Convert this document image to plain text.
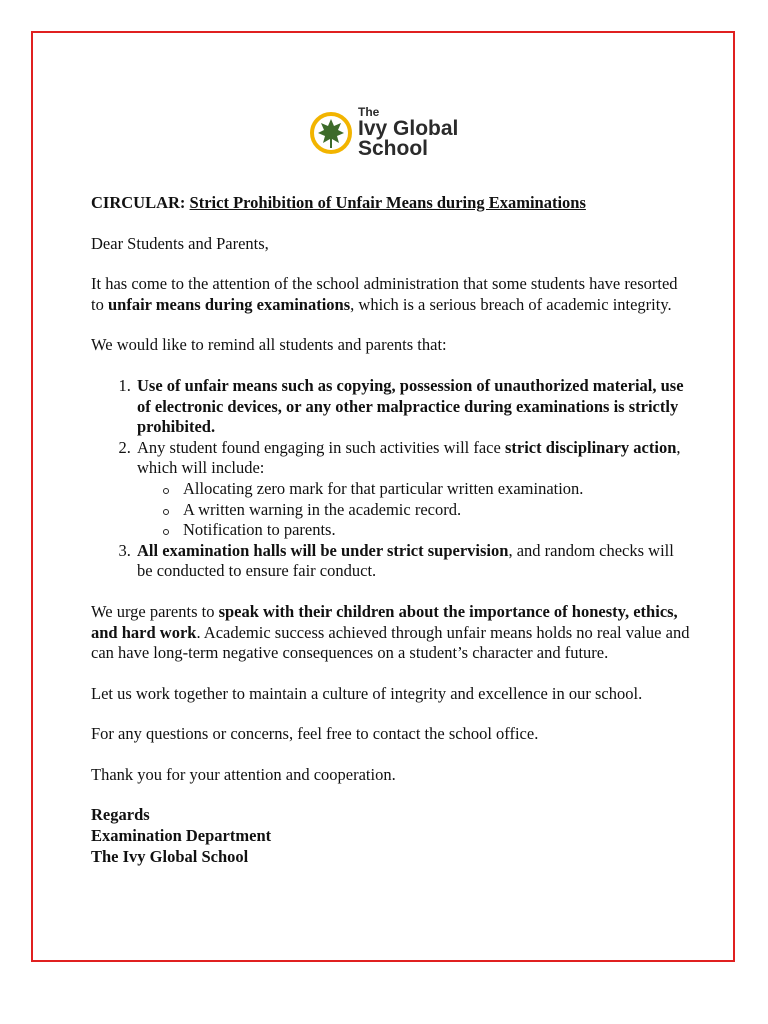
The
Ivy Global
School

CIRCULAR: Strict Prohibition of Unfair Means during Examinations

Dear Students and Parents,

It has come to the attention of the school administration that some students have resorted to unfair means during examinations, which is a serious breach of academic integrity.

We would like to remind all students and parents that:

1. Use of unfair means such as copying, possession of unauthorized material, use of electronic devices, or any other malpractice during examinations is strictly prohibited.
2. Any student found engaging in such activities will face strict disciplinary action, which will include:
Allocating zero mark for that particular written examination.
A written warning in the academic record.
Notification to parents.
3. All examination halls will be under strict supervision, and random checks will be conducted to ensure fair conduct.

We urge parents to speak with their children about the importance of honesty, ethics, and hard work. Academic success achieved through unfair means holds no real value and can have long-term negative consequences on a student’s character and future.

Let us work together to maintain a culture of integrity and excellence in our school.

For any questions or concerns, feel free to contact the school office.

Thank you for your attention and cooperation.

Regards

Examination Department

The Ivy Global School
